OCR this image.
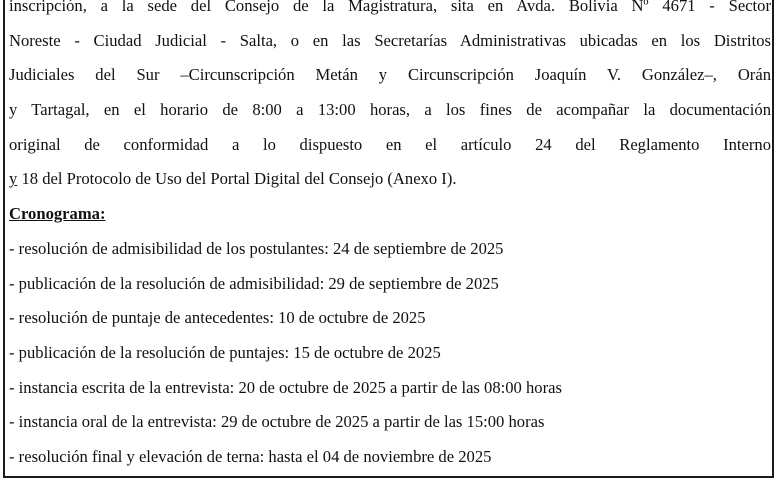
inscripción, a la sede del Consejo de la Magistratura, sita en Avda. Bolivia Nº 4671 - Sector
Noreste - Ciudad Judicial - Salta, o en las Secretarías Administrativas ubicadas en los Distritos
Judiciales del Sur –Circunscripción Metán y Circunscripción Joaquín V. González–, Orán
y Tartagal, en el horario de 8:00 a 13:00 horas, a los fines de acompañar la documentación
original de conformidad a lo dispuesto en el artículo 24 del Reglamento Interno
y 18 del Protocolo de Uso del Portal Digital del Consejo (Anexo I).
Cronograma:
- resolución de admisibilidad de los postulantes: 24 de septiembre de 2025
- publicación de la resolución de admisibilidad: 29 de septiembre de 2025
- resolución de puntaje de antecedentes: 10 de octubre de 2025
- publicación de la resolución de puntajes: 15 de octubre de 2025
- instancia escrita de la entrevista: 20 de octubre de 2025 a partir de las 08:00 horas
- instancia oral de la entrevista: 29 de octubre de 2025 a partir de las 15:00 horas
- resolución final y elevación de terna: hasta el 04 de noviembre de 2025
